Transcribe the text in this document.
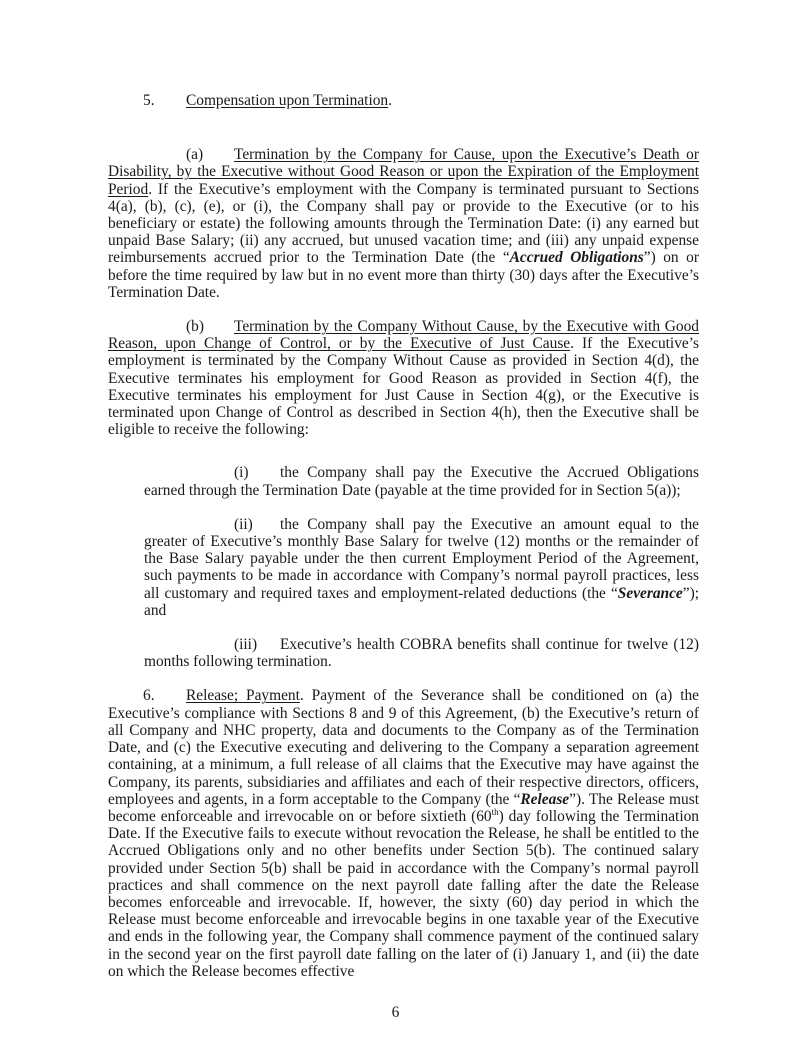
5. Compensation upon Termination.

(a) Termination by the Company for Cause, upon the Executive’s Death or Disability, by the Executive without Good Reason or upon the Expiration of the Employment Period. If the Executive’s employment with the Company is terminated pursuant to Sections 4(a), (b), (c), (e), or (i), the Company shall pay or provide to the Executive (or to his beneficiary or estate) the following amounts through the Termination Date: (i) any earned but unpaid Base Salary; (ii) any accrued, but unused vacation time; and (iii) any unpaid expense reimbursements accrued prior to the Termination Date (the “Accrued Obligations”) on or before the time required by law but in no event more than thirty (30) days after the Executive’s Termination Date.

(b) Termination by the Company Without Cause, by the Executive with Good Reason, upon Change of Control, or by the Executive of Just Cause. If the Executive’s employment is terminated by the Company Without Cause as provided in Section 4(d), the Executive terminates his employment for Good Reason as provided in Section 4(f), the Executive terminates his employment for Just Cause in Section 4(g), or the Executive is terminated upon Change of Control as described in Section 4(h), then the Executive shall be eligible to receive the following:

(i) the Company shall pay the Executive the Accrued Obligations earned through the Termination Date (payable at the time provided for in Section 5(a));

(ii) the Company shall pay the Executive an amount equal to the greater of Executive’s monthly Base Salary for twelve (12) months or the remainder of the Base Salary payable under the then current Employment Period of the Agreement, such payments to be made in accordance with Company’s normal payroll practices, less all customary and required taxes and employment-related deductions (the “Severance”); and

(iii) Executive’s health COBRA benefits shall continue for twelve (12) months following termination.

6. Release; Payment. Payment of the Severance shall be conditioned on (a) the Executive’s compliance with Sections 8 and 9 of this Agreement, (b) the Executive’s return of all Company and NHC property, data and documents to the Company as of the Termination Date, and (c) the Executive executing and delivering to the Company a separation agreement containing, at a minimum, a full release of all claims that the Executive may have against the Company, its parents, subsidiaries and affiliates and each of their respective directors, officers, employees and agents, in a form acceptable to the Company (the “Release”). The Release must become enforceable and irrevocable on or before sixtieth (60th) day following the Termination Date. If the Executive fails to execute without revocation the Release, he shall be entitled to the Accrued Obligations only and no other benefits under Section 5(b). The continued salary provided under Section 5(b) shall be paid in accordance with the Company’s normal payroll practices and shall commence on the next payroll date falling after the date the Release becomes enforceable and irrevocable. If, however, the sixty (60) day period in which the Release must become enforceable and irrevocable begins in one taxable year of the Executive and ends in the following year, the Company shall commence payment of the continued salary in the second year on the first payroll date falling on the later of (i) January 1, and (ii) the date on which the Release becomes effective

6
